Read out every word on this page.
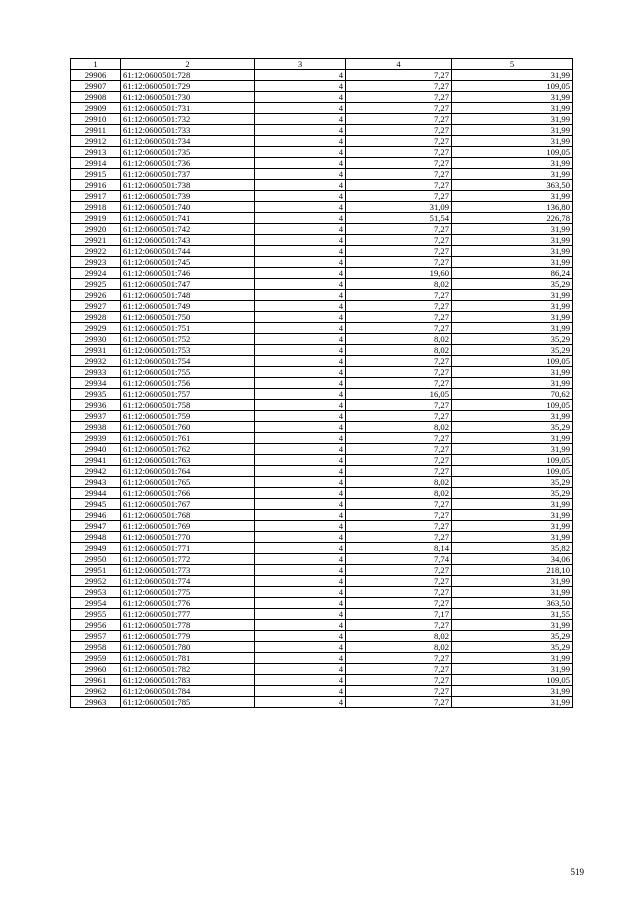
1	2	3	4	5
29906	61:12:0600501:728	4	7,27	31,99
29907	61:12:0600501:729	4	7,27	109,05
29908	61:12:0600501:730	4	7,27	31,99
29909	61:12:0600501:731	4	7,27	31,99
29910	61:12:0600501:732	4	7,27	31,99
29911	61:12:0600501:733	4	7,27	31,99
29912	61:12:0600501:734	4	7,27	31,99
29913	61:12:0600501:735	4	7,27	109,05
29914	61:12:0600501:736	4	7,27	31,99
29915	61:12:0600501:737	4	7,27	31,99
29916	61:12:0600501:738	4	7,27	363,50
29917	61:12:0600501:739	4	7,27	31,99
29918	61:12:0600501:740	4	31,09	136,80
29919	61:12:0600501:741	4	51,54	226,78
29920	61:12:0600501:742	4	7,27	31,99
29921	61:12:0600501:743	4	7,27	31,99
29922	61:12:0600501:744	4	7,27	31,99
29923	61:12:0600501:745	4	7,27	31,99
29924	61:12:0600501:746	4	19,60	86,24
29925	61:12:0600501:747	4	8,02	35,29
29926	61:12:0600501:748	4	7,27	31,99
29927	61:12:0600501:749	4	7,27	31,99
29928	61:12:0600501:750	4	7,27	31,99
29929	61:12:0600501:751	4	7,27	31,99
29930	61:12:0600501:752	4	8,02	35,29
29931	61:12:0600501:753	4	8,02	35,29
29932	61:12:0600501:754	4	7,27	109,05
29933	61:12:0600501:755	4	7,27	31,99
29934	61:12:0600501:756	4	7,27	31,99
29935	61:12:0600501:757	4	16,05	70,62
29936	61:12:0600501:758	4	7,27	109,05
29937	61:12:0600501:759	4	7,27	31,99
29938	61:12:0600501:760	4	8,02	35,29
29939	61:12:0600501:761	4	7,27	31,99
29940	61:12:0600501:762	4	7,27	31,99
29941	61:12:0600501:763	4	7,27	109,05
29942	61:12:0600501:764	4	7,27	109,05
29943	61:12:0600501:765	4	8,02	35,29
29944	61:12:0600501:766	4	8,02	35,29
29945	61:12:0600501:767	4	7,27	31,99
29946	61:12:0600501:768	4	7,27	31,99
29947	61:12:0600501:769	4	7,27	31,99
29948	61:12:0600501:770	4	7,27	31,99
29949	61:12:0600501:771	4	8,14	35,82
29950	61:12:0600501:772	4	7,74	34,06
29951	61:12:0600501:773	4	7,27	218,10
29952	61:12:0600501:774	4	7,27	31,99
29953	61:12:0600501:775	4	7,27	31,99
29954	61:12:0600501:776	4	7,27	363,50
29955	61:12:0600501:777	4	7,17	31,55
29956	61:12:0600501:778	4	7,27	31,99
29957	61:12:0600501:779	4	8,02	35,29
29958	61:12:0600501:780	4	8,02	35,29
29959	61:12:0600501:781	4	7,27	31,99
29960	61:12:0600501:782	4	7,27	31,99
29961	61:12:0600501:783	4	7,27	109,05
29962	61:12:0600501:784	4	7,27	31,99
29963	61:12:0600501:785	4	7,27	31,99
519
